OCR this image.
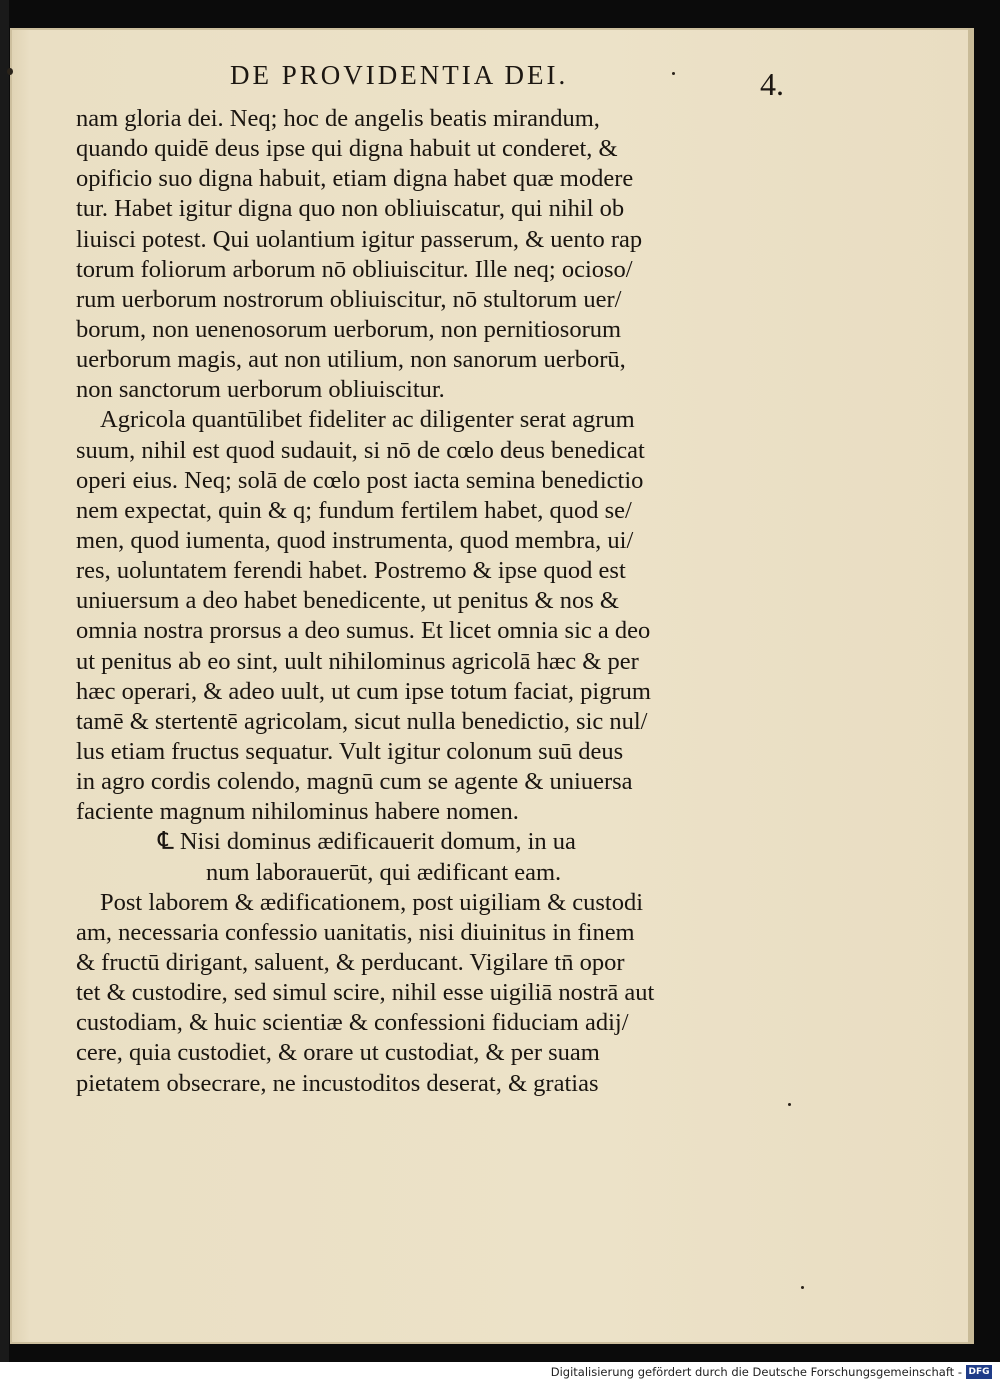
DE PROVIDENTIA DEI.	4.
nam gloria dei. Neq; hoc de angelis beatis mirandum,
quando quidē deus ipse qui digna habuit ut conderet, &
opificio suo digna habuit, etiam digna habet quæ modere
tur. Habet igitur digna quo non obliuiscatur, qui nihil ob
liuisci potest. Qui uolantium igitur passerum, & uento rap
torum foliorum arborum nō obliuiscitur. Ille neq; ocioso/
rum uerborum nostrorum obliuiscitur, nō stultorum uer/
borum, non uenenosorum uerborum, non pernitiosorum
uerborum magis, aut non utilium, non sanorum uerborū,
non sanctorum uerborum obliuiscitur.
Agricola quantūlibet fideliter ac diligenter serat agrum
suum, nihil est quod sudauit, si nō de cœlo deus benedicat
operi eius. Neq; solā de cœlo post iacta semina benedictio
nem expectat, quin & q; fundum fertilem habet, quod se/
men, quod iumenta, quod instrumenta, quod membra, ui/
res, uoluntatem ferendi habet. Postremo & ipse quod est
uniuersum a deo habet benedicente, ut penitus & nos &
omnia nostra prorsus a deo sumus. Et licet omnia sic a deo
ut penitus ab eo sint, uult nihilominus agricolā hæc & per
hæc operari, & adeo uult, ut cum ipse totum faciat, pigrum
tamē & stertentē agricolam, sicut nulla benedictio, sic nul/
lus etiam fructus sequatur. Vult igitur colonum suū deus
in agro cordis colendo, magnū cum se agente & uniuersa
faciente magnum nihilominus habere nomen.
℄ Nisi dominus ædificauerit domum, in ua
num laborauerūt, qui ædificant eam.
Post laborem & ædificationem, post uigiliam & custodi
am, necessaria confessio uanitatis, nisi diuinitus in finem
& fructū dirigant, saluent, & perducant. Vigilare tn̄ opor
tet & custodire, sed simul scire, nihil esse uigiliā nostrā aut
custodiam, & huic scientiæ & confessioni fiduciam adij/
cere, quia custodiet, & orare ut custodiat, & per suam
pietatem obsecrare, ne incustoditos deserat, & gratias
Digitalisierung gefördert durch die Deutsche Forschungsgemeinschaft - DFG
